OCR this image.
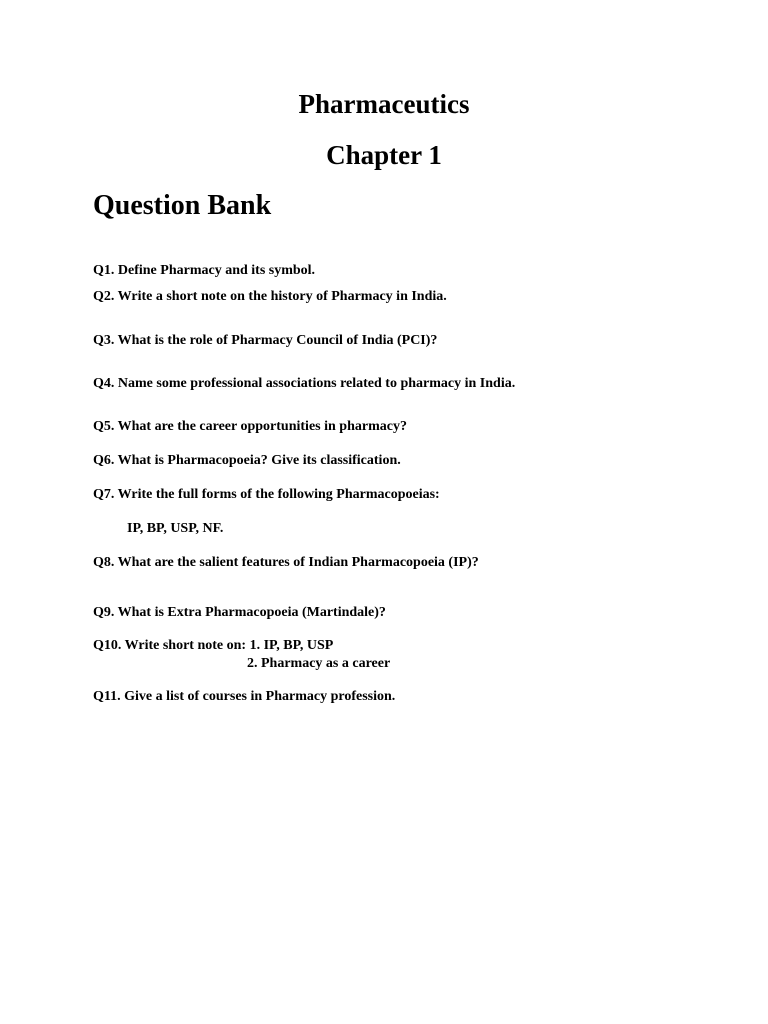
Pharmaceutics
Chapter 1
Question Bank
Q1. Define Pharmacy and its symbol.
Q2. Write a short note on the history of Pharmacy in India.
Q3. What is the role of Pharmacy Council of India (PCI)?
Q4. Name some professional associations related to pharmacy in India.
Q5. What are the career opportunities in pharmacy?
Q6. What is Pharmacopoeia? Give its classification.
Q7. Write the full forms of the following Pharmacopoeias:
IP, BP, USP, NF.
Q8. What are the salient features of Indian Pharmacopoeia (IP)?
Q9. What is Extra Pharmacopoeia (Martindale)?
Q10. Write short note on: 1. IP, BP, USP
2. Pharmacy as a career
Q11. Give a list of courses in Pharmacy profession.
